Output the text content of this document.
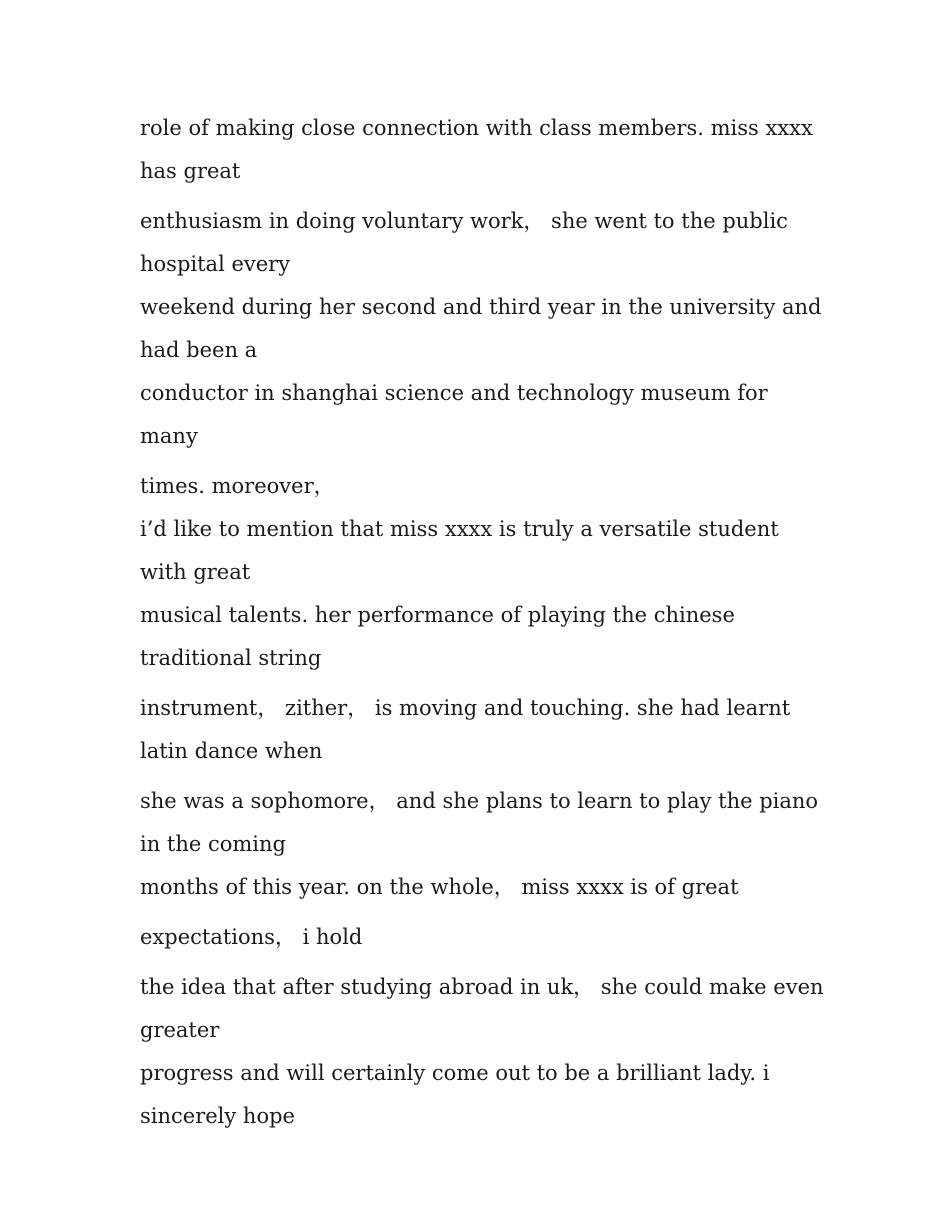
role of making close connection with class members. miss xxxx has great

enthusiasm in doing voluntary work， she went to the public hospital every

weekend during her second and third year in the university and had been a

conductor in shanghai science and technology museum for many

times. moreover，

i’d like to mention that miss xxxx is truly a versatile student with great

musical talents. her performance of playing the chinese traditional string

instrument， zither， is moving and touching. she had learnt latin dance when

she was a sophomore， and she plans to learn to play the piano in the coming

months of this year. on the whole， miss xxxx is of great

expectations， i hold

the idea that after studying abroad in uk， she could make even greater

progress and will certainly come out to be a brilliant lady. i sincerely hope
